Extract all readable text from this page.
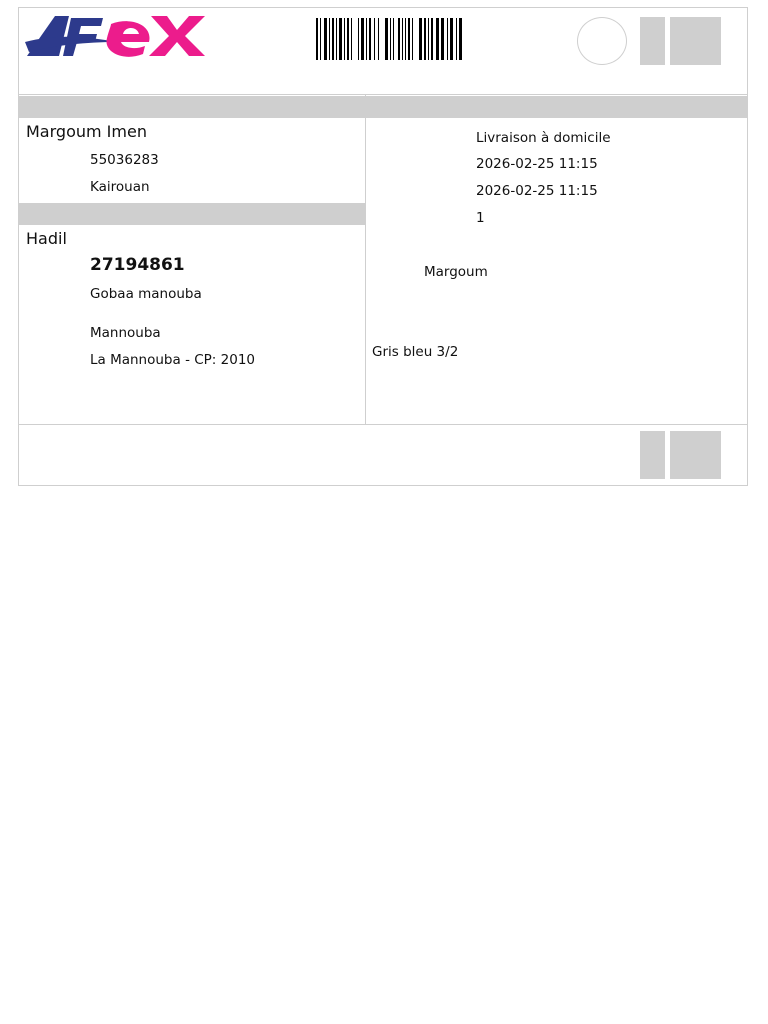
Margoum Imen
55036283
Kairouan
Hadil
27194861
Gobaa manouba
Mannouba
La Mannouba - CP: 2010
Livraison à domicile
2026-02-25 11:15
2026-02-25 11:15
1
Margoum
Gris bleu 3/2
